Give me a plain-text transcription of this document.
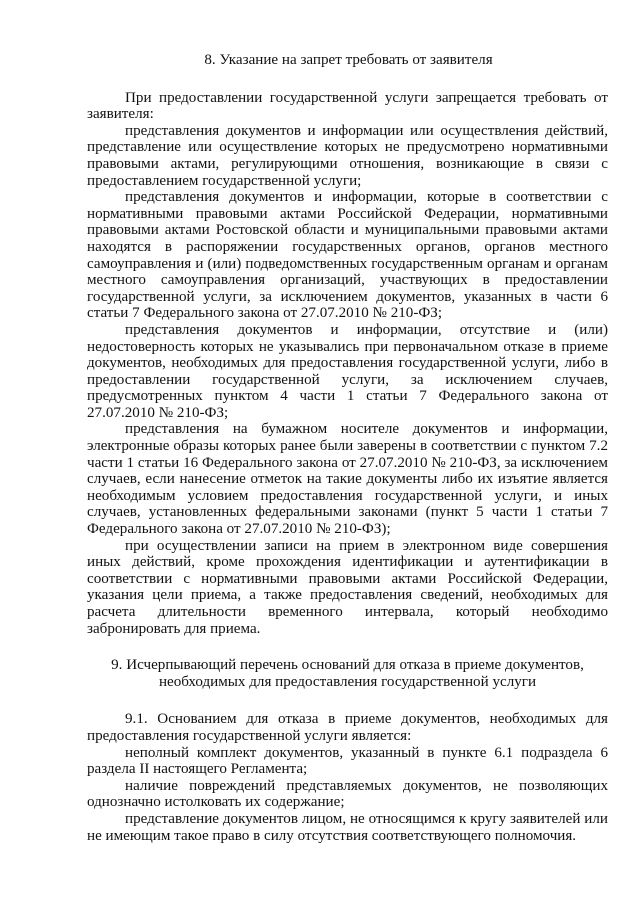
8. Указание на запрет требовать от заявителя

При предоставлении государственной услуги запрещается требовать от заявителя:

представления документов и информации или осуществления действий, представление или осуществление которых не предусмотрено нормативными правовыми актами, регулирующими отношения, возникающие в связи с предоставлением государственной услуги;

представления документов и информации, которые в соответствии с нормативными правовыми актами Российской Федерации, нормативными правовыми актами Ростовской области и муниципальными правовыми актами находятся в распоряжении государственных органов, органов местного самоуправления и (или) подведомственных государственным органам и органам местного самоуправления организаций, участвующих в предоставлении государственной услуги, за исключением документов, указанных в части 6 статьи 7 Федерального закона от 27.07.2010 № 210-ФЗ;

представления документов и информации, отсутствие и (или) недостоверность которых не указывались при первоначальном отказе в приеме документов, необходимых для предоставления государственной услуги, либо в предоставлении государственной услуги, за исключением случаев, предусмотренных пунктом 4 части 1 статьи 7 Федерального закона от 27.07.2010 № 210-ФЗ;

представления на бумажном носителе документов и информации, электронные образы которых ранее были заверены в соответствии с пунктом 7.2 части 1 статьи 16 Федерального закона от 27.07.2010 № 210-ФЗ, за исключением случаев, если нанесение отметок на такие документы либо их изъятие является необходимым условием предоставления государственной услуги, и иных случаев, установленных федеральными законами (пункт 5 части 1 статьи 7 Федерального закона от 27.07.2010 № 210-ФЗ);

при осуществлении записи на прием в электронном виде совершения иных действий, кроме прохождения идентификации и аутентификации в соответствии с нормативными правовыми актами Российской Федерации, указания цели приема, а также предоставления сведений, необходимых для расчета длительности временного интервала, который необходимо забронировать для приема.

9. Исчерпывающий перечень оснований для отказа в приеме документов,
необходимых для предоставления государственной услуги

9.1. Основанием для отказа в приеме документов, необходимых для предоставления государственной услуги является:

неполный комплект документов, указанный в пункте 6.1 подраздела 6 раздела II настоящего Регламента;

наличие повреждений представляемых документов, не позволяющих однозначно истолковать их содержание;

представление документов лицом, не относящимся к кругу заявителей или не имеющим такое право в силу отсутствия соответствующего полномочия.
